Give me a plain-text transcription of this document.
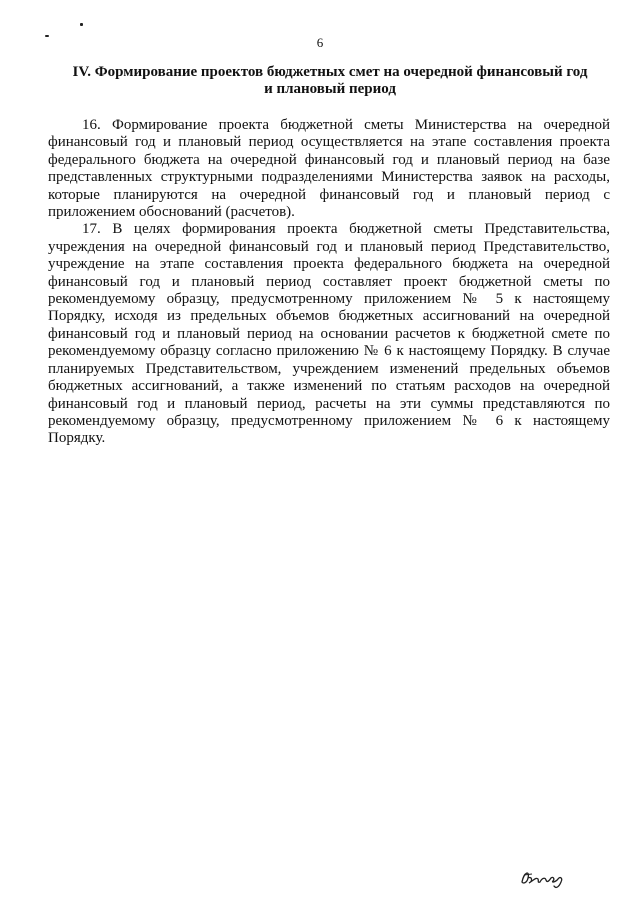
6
IV. Формирование проектов бюджетных смет на очередной финансовый год и плановый период

16. Формирование проекта бюджетной сметы Министерства на очередной финансовый год и плановый период осуществляется на этапе составления проекта федерального бюджета на очередной финансовый год и плановый период на базе представленных структурными подразделениями Министерства заявок на расходы, которые планируются на очередной финансовый год и плановый период с приложением обоснований (расчетов).

17. В целях формирования проекта бюджетной сметы Представительства, учреждения на очередной финансовый год и плановый период Представительство, учреждение на этапе составления проекта федерального бюджета на очередной финансовый год и плановый период составляет проект бюджетной сметы по рекомендуемому образцу, предусмотренному приложением № 5 к настоящему Порядку, исходя из предельных объемов бюджетных ассигнований на очередной финансовый год и плановый период на основании расчетов к бюджетной смете по рекомендуемому образцу согласно приложению № 6 к настоящему Порядку. В случае планируемых Представительством, учреждением изменений предельных объемов бюджетных ассигнований, а также изменений по статьям расходов на очередной финансовый год и плановый период, расчеты на эти суммы представляются по рекомендуемому образцу, предусмотренному приложением № 6 к настоящему Порядку.
